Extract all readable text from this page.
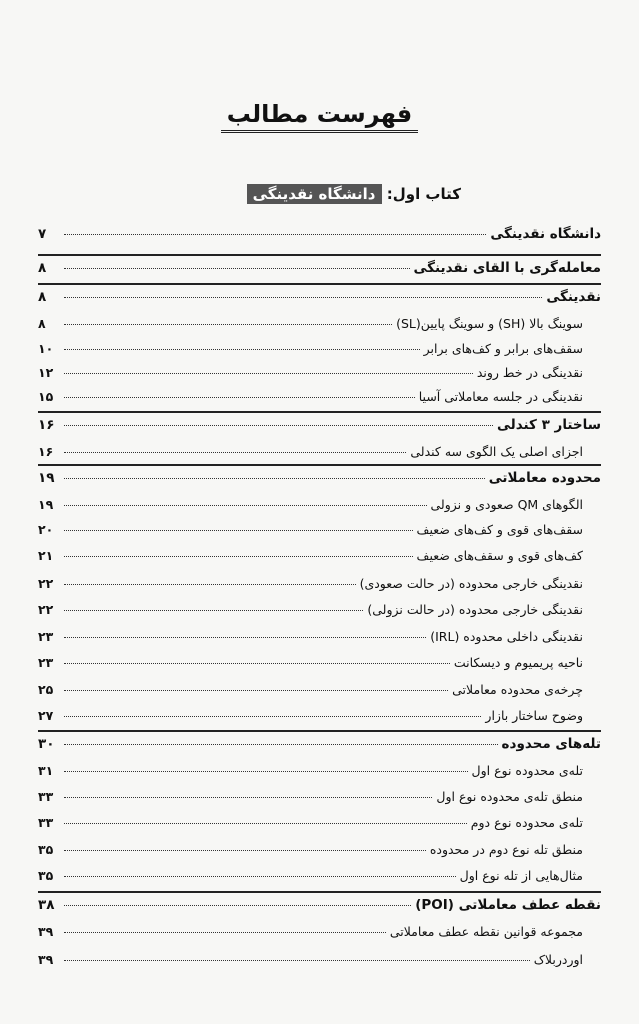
فهرست مطالب
کتاب اول: دانشگاه نقدینگی
دانشگاه نقدینگی
۷
معامله‌گری با القای نقدینگی
۸
نقدینگی
۸
سوینگ بالا (SH) و سوینگ پایین(SL)
۸
سقف‌های برابر و کف‌های برابر
۱۰
نقدینگی در خط روند
۱۲
نقدینگی در جلسه معاملاتی آسیا
۱۵
ساختار ۳ کندلی
۱۶
اجزای اصلی یک الگوی سه کندلی
۱۶
محدوده معاملاتی
۱۹
الگوهای QM صعودی و نزولی
۱۹
سقف‌های قوی و کف‌های ضعیف
۲۰
کف‌های قوی و سقف‌های ضعیف
۲۱
نقدینگی خارجی محدوده (در حالت صعودی)
۲۲
نقدینگی خارجی محدوده (در حالت نزولی)
۲۲
نقدینگی داخلی محدوده (IRL)
۲۳
ناحیه پریمیوم و دیسکانت
۲۳
چرخه‌ی محدوده معاملاتی
۲۵
وضوح ساختار بازار
۲۷
تله‌های محدوده
۳۰
تله‌ی محدوده نوع اول
۳۱
منطق تله‌ی محدوده نوع اول
۳۳
تله‌ی محدوده نوع دوم
۳۳
منطق تله نوع دوم در محدوده
۳۵
مثال‌هایی از تله نوع اول
۳۵
نقطه عطف معاملاتی (POI)
۳۸
مجموعه قوانین نقطه عطف معاملاتی
۳۹
اوردربلاک
۳۹
